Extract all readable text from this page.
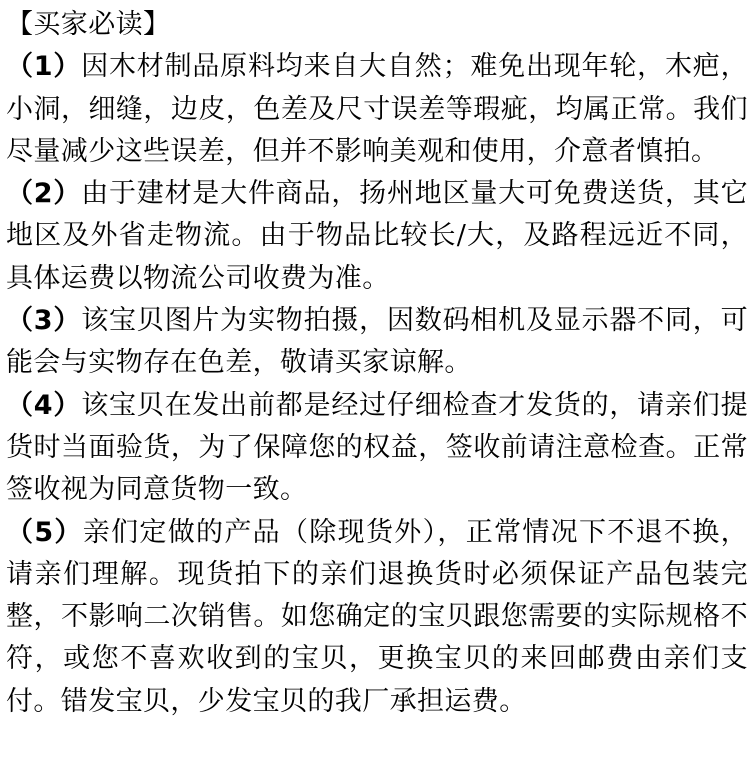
【买家必读】

（1）因木材制品原料均来自大自然；难免出现年轮，木疤，小洞，细缝，边皮，色差及尺寸误差等瑕疵，均属正常。我们尽量减少这些误差，但并不影响美观和使用，介意者慎拍。

（2）由于建材是大件商品，扬州地区量大可免费送货，其它地区及外省走物流。由于物品比较长/大，及路程远近不同，具体运费以物流公司收费为准。

（3）该宝贝图片为实物拍摄，因数码相机及显示器不同，可能会与实物存在色差，敬请买家谅解。

（4）该宝贝在发出前都是经过仔细检查才发货的，请亲们提货时当面验货，为了保障您的权益，签收前请注意检查。正常签收视为同意货物一致。

（5）亲们定做的产品（除现货外），正常情况下不退不换，请亲们理解。现货拍下的亲们退换货时必须保证产品包装完整，不影响二次销售。如您确定的宝贝跟您需要的实际规格不符，或您不喜欢收到的宝贝，更换宝贝的来回邮费由亲们支付。错发宝贝，少发宝贝的我厂承担运费。
